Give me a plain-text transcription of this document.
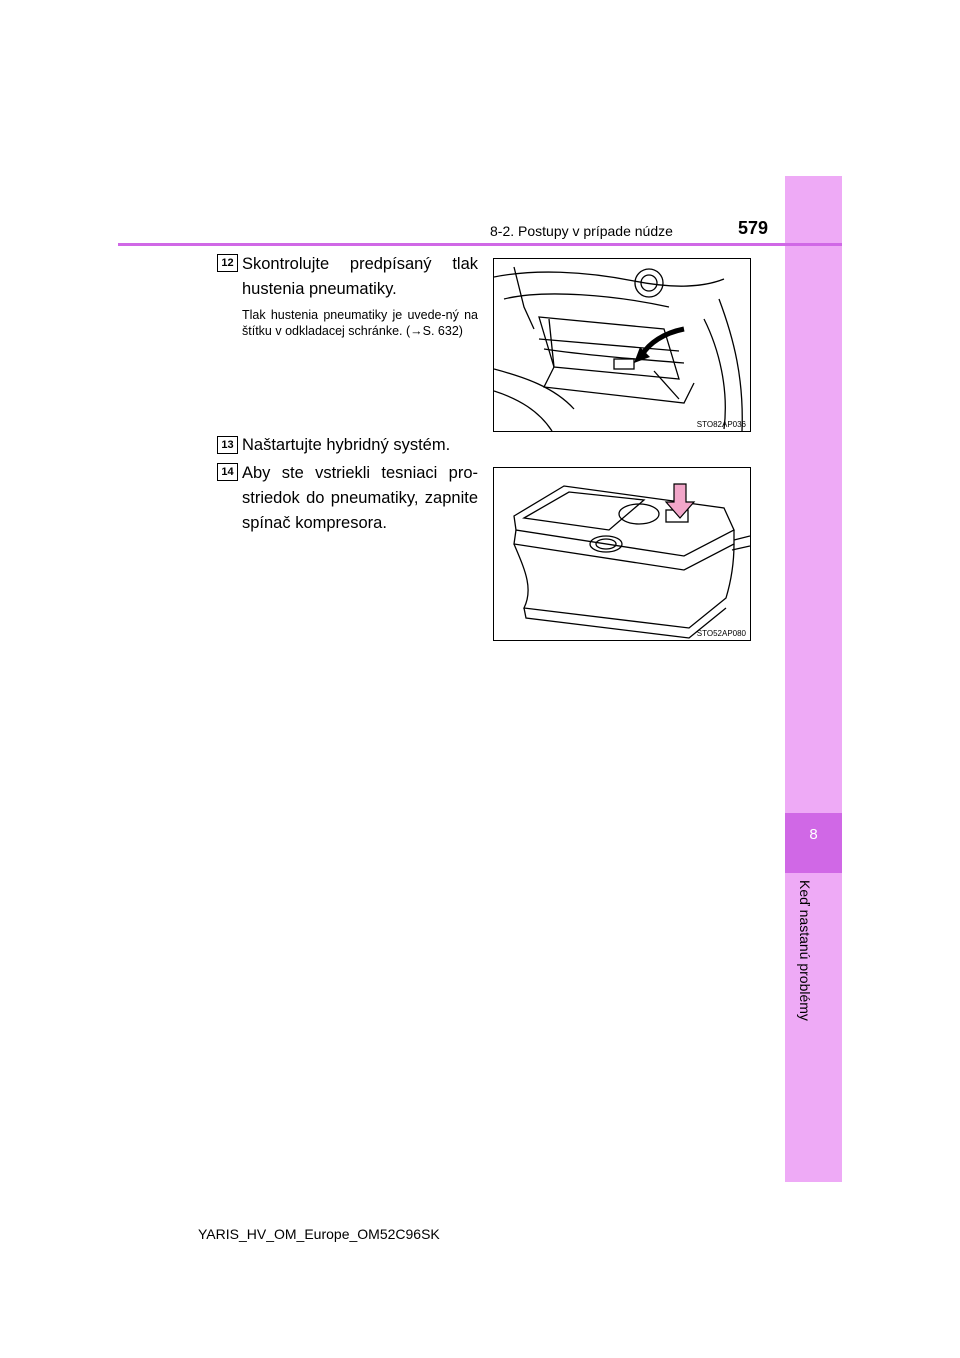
8
Keď nastanú problémy
8-2. Postupy v prípade núdze	579
12 Skontrolujte predpísaný tlak hustenia pneumatiky.
Tlak hustenia pneumatiky je uvede-ný na štítku v odkladacej schránke. (→S. 632)
STO82AP036
13 Naštartujte hybridný systém.
14 Aby ste vstriekli tesniaci pro-striedok do pneumatiky, zapnite spínač kompresora.
STO52AP080
YARIS_HV_OM_Europe_OM52C96SK
